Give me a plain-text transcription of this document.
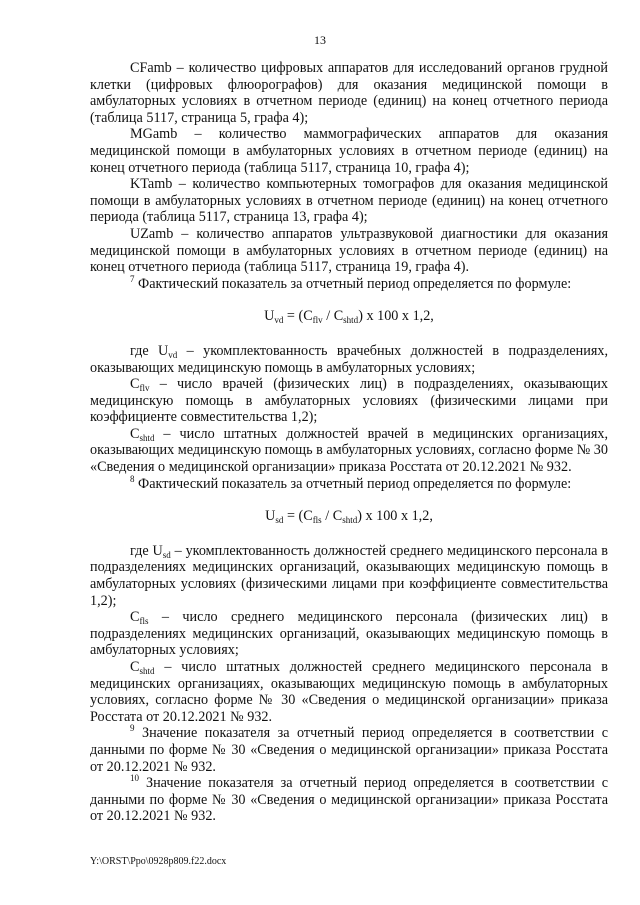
13

CFamb – количество цифровых аппаратов для исследований органов грудной клетки (цифровых флюорографов) для оказания медицинской помощи в амбулаторных условиях в отчетном периоде (единиц) на конец отчетного периода (таблица 5117, страница 5, графа 4);

MGamb – количество маммографических аппаратов для оказания медицинской помощи в амбулаторных условиях в отчетном периоде (единиц) на конец отчетного периода (таблица 5117, страница 10, графа 4);

KTamb – количество компьютерных томографов для оказания медицинской помощи в амбулаторных условиях в отчетном периоде (единиц) на конец отчетного периода (таблица 5117, страница 13, графа 4);

UZamb – количество аппаратов ультразвуковой диагностики для оказания медицинской помощи в амбулаторных условиях в отчетном периоде (единиц) на конец отчетного периода (таблица 5117, страница 19, графа 4).

$^7$ Фактический показатель за отчетный период определяется по формуле:

$U_{vd} = (C_{flv} / C_{shtd})$ x 100 x 1,2,

где $U_{vd}$ – укомплектованность врачебных должностей в подразделениях, оказывающих медицинскую помощь в амбулаторных условиях;

$C_{flv}$ – число врачей (физических лиц) в подразделениях, оказывающих медицинскую помощь в амбулаторных условиях (физическими лицами при коэффициенте совместительства 1,2);

$C_{shtd}$ – число штатных должностей врачей в медицинских организациях, оказывающих медицинскую помощь в амбулаторных условиях, согласно форме № 30 «Сведения о медицинской организации» приказа Росстата от 20.12.2021 № 932.

$^8$ Фактический показатель за отчетный период определяется по формуле:

$U_{sd} = (C_{fls} / C_{shtd})$ x 100 x 1,2,

где $U_{sd}$ – укомплектованность должностей среднего медицинского персонала в подразделениях медицинских организаций, оказывающих медицинскую помощь в амбулаторных условиях (физическими лицами при коэффициенте совместительства 1,2);

$C_{fls}$ – число среднего медицинского персонала (физических лиц) в подразделениях медицинских организаций, оказывающих медицинскую помощь в амбулаторных условиях;

$C_{shtd}$ – число штатных должностей среднего медицинского персонала в медицинских организациях, оказывающих медицинскую помощь в амбулаторных условиях, согласно форме № 30 «Сведения о медицинской организации» приказа Росстата от 20.12.2021 № 932.

$^9$ Значение показателя за отчетный период определяется в соответствии с данными по форме № 30 «Сведения о медицинской организации» приказа Росстата от 20.12.2021 № 932.

$^{10}$ Значение показателя за отчетный период определяется в соответствии с данными по форме № 30 «Сведения о медицинской организации» приказа Росстата от 20.12.2021 № 932.

Y:\ORST\Ppo\0928p809.f22.docx
